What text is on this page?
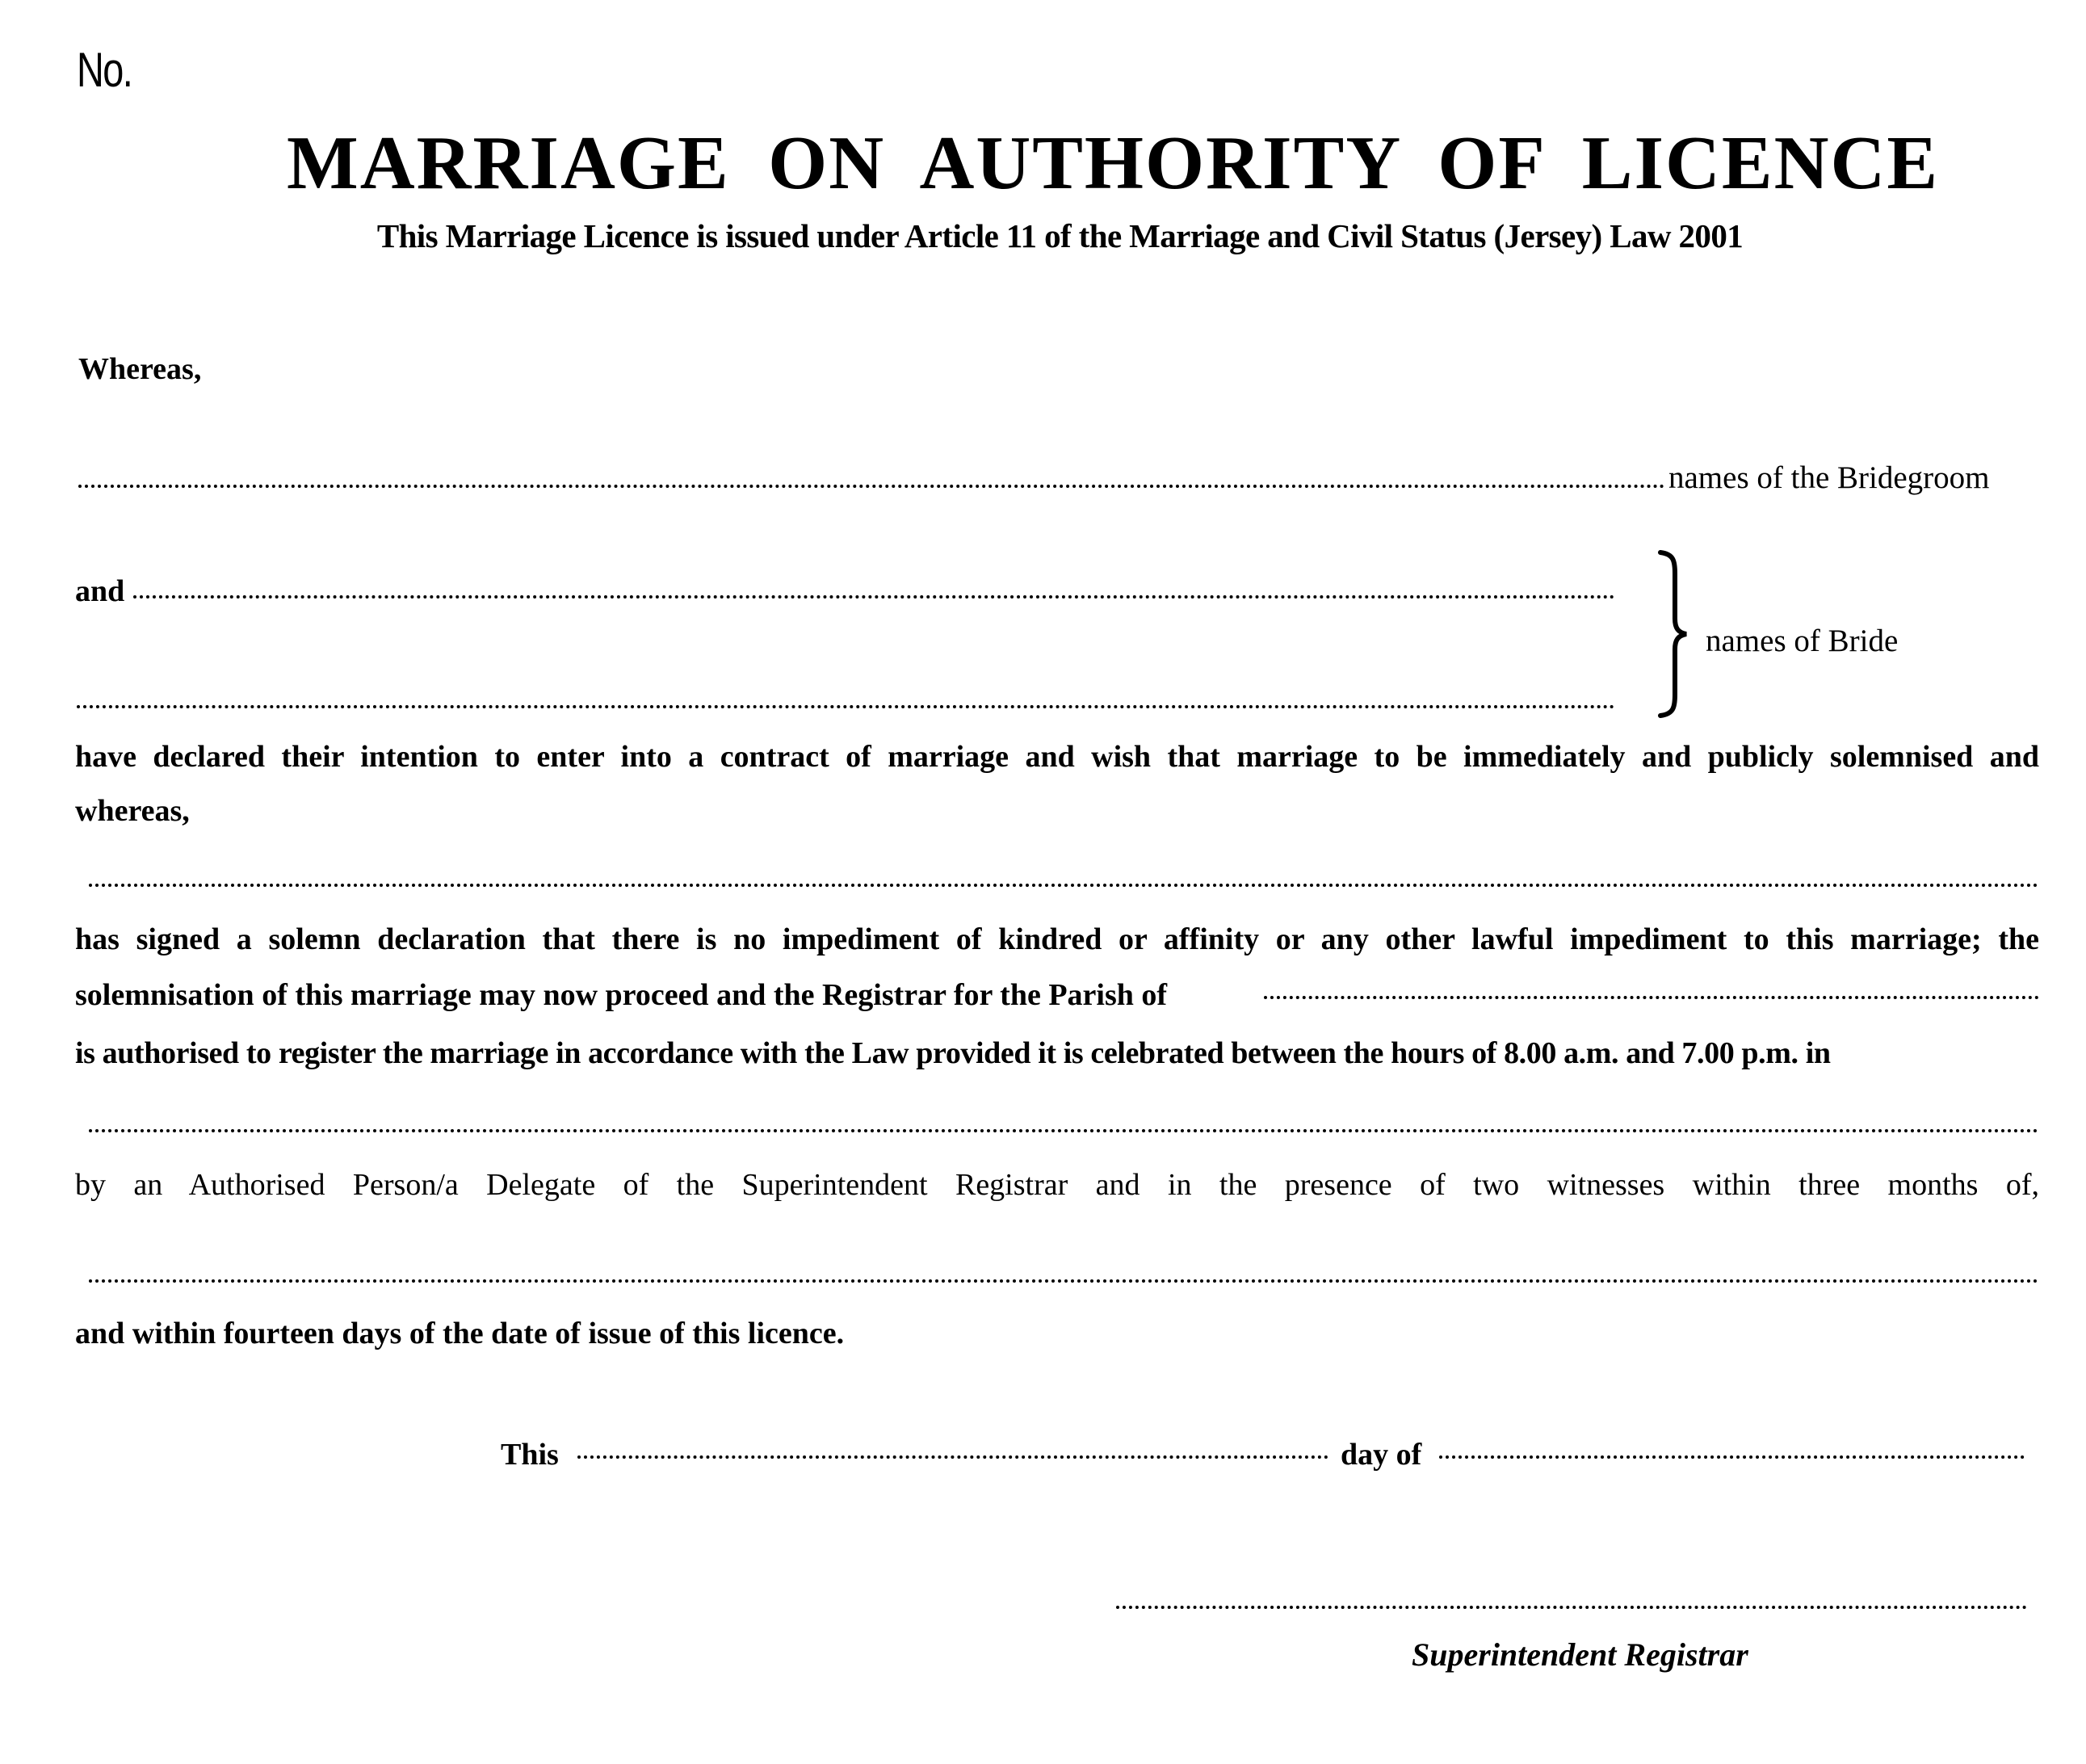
No.
MARRIAGE ON AUTHORITY OF LICENCE
This Marriage Licence is issued under Article 11 of the Marriage and Civil Status (Jersey) Law 2001
Whereas,
names of the Bridegroom
and
names of Bride
have declared their intention to enter into a contract of marriage and wish that marriage to be immediately and publicly solemnised and
whereas,
has signed a solemn declaration that there is no impediment of kindred or affinity or any other lawful impediment to this marriage; the
solemnisation of this marriage may now proceed and the Registrar for the Parish of
is authorised to register the marriage in accordance with the Law provided it is celebrated between the hours of 8.00 a.m. and 7.00 p.m. in
by an Authorised Person/a Delegate of the Superintendent Registrar and in the presence of two witnesses within three months of,
and within fourteen days of the date of issue of this licence.
This	day of
Superintendent Registrar
